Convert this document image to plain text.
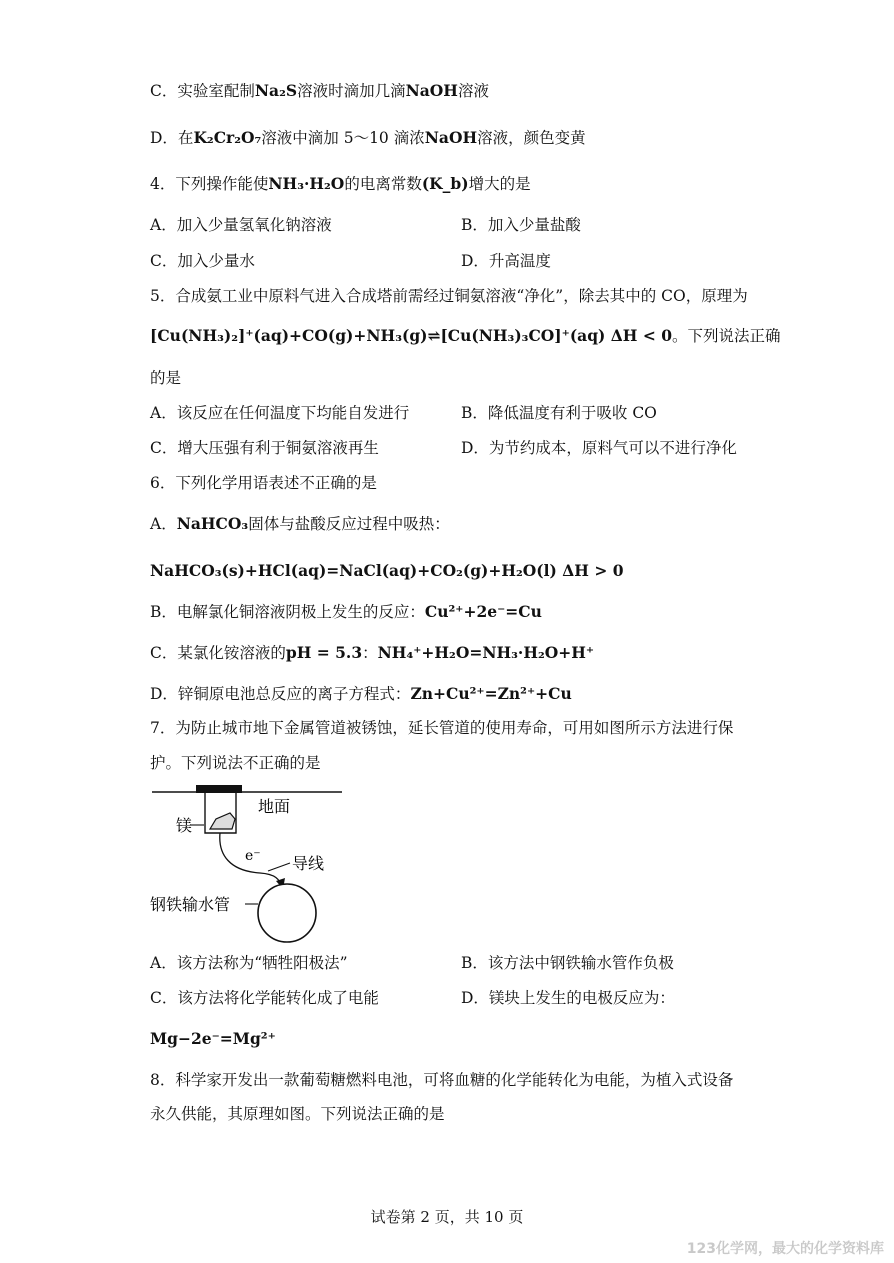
C．实验室配制Na₂S溶液时滴加几滴NaOH溶液
D．在K₂Cr₂O₇溶液中滴加 5～10 滴浓NaOH溶液，颜色变黄
4．下列操作能使NH₃·H₂O的电离常数(K_b)增大的是
A．加入少量氢氧化钠溶液	B．加入少量盐酸
C．加入少量水	D．升高温度
5．合成氨工业中原料气进入合成塔前需经过铜氨溶液“净化”，除去其中的 CO，原理为
[Cu(NH₃)₂]⁺(aq)+CO(g)+NH₃(g)⇌[Cu(NH₃)₃CO]⁺(aq) ΔH < 0。下列说法正确
的是
A．该反应在任何温度下均能自发进行	B．降低温度有利于吸收 CO
C．增大压强有利于铜氨溶液再生	D．为节约成本，原料气可以不进行净化
6．下列化学用语表述不正确的是
A．NaHCO₃固体与盐酸反应过程中吸热：
NaHCO₃(s)+HCl(aq)=NaCl(aq)+CO₂(g)+H₂O(l) ΔH > 0
B．电解氯化铜溶液阴极上发生的反应：Cu²⁺+2e⁻=Cu
C．某氯化铵溶液的pH = 5.3：NH₄⁺+H₂O=NH₃·H₂O+H⁺
D．锌铜原电池总反应的离子方程式：Zn+Cu²⁺=Zn²⁺+Cu
7．为防止城市地下金属管道被锈蚀，延长管道的使用寿命，可用如图所示方法进行保
护。下列说法不正确的是
地面
镁
e⁻ 导线
钢铁输水管
A．该方法称为“牺牲阳极法”	B．该方法中钢铁输水管作负极
C．该方法将化学能转化成了电能	D．镁块上发生的电极反应为：
Mg−2e⁻=Mg²⁺
8．科学家开发出一款葡萄糖燃料电池，可将血糖的化学能转化为电能，为植入式设备
永久供能，其原理如图。下列说法正确的是
试卷第 2 页，共 10 页
123化学网，最大的化学资料库
